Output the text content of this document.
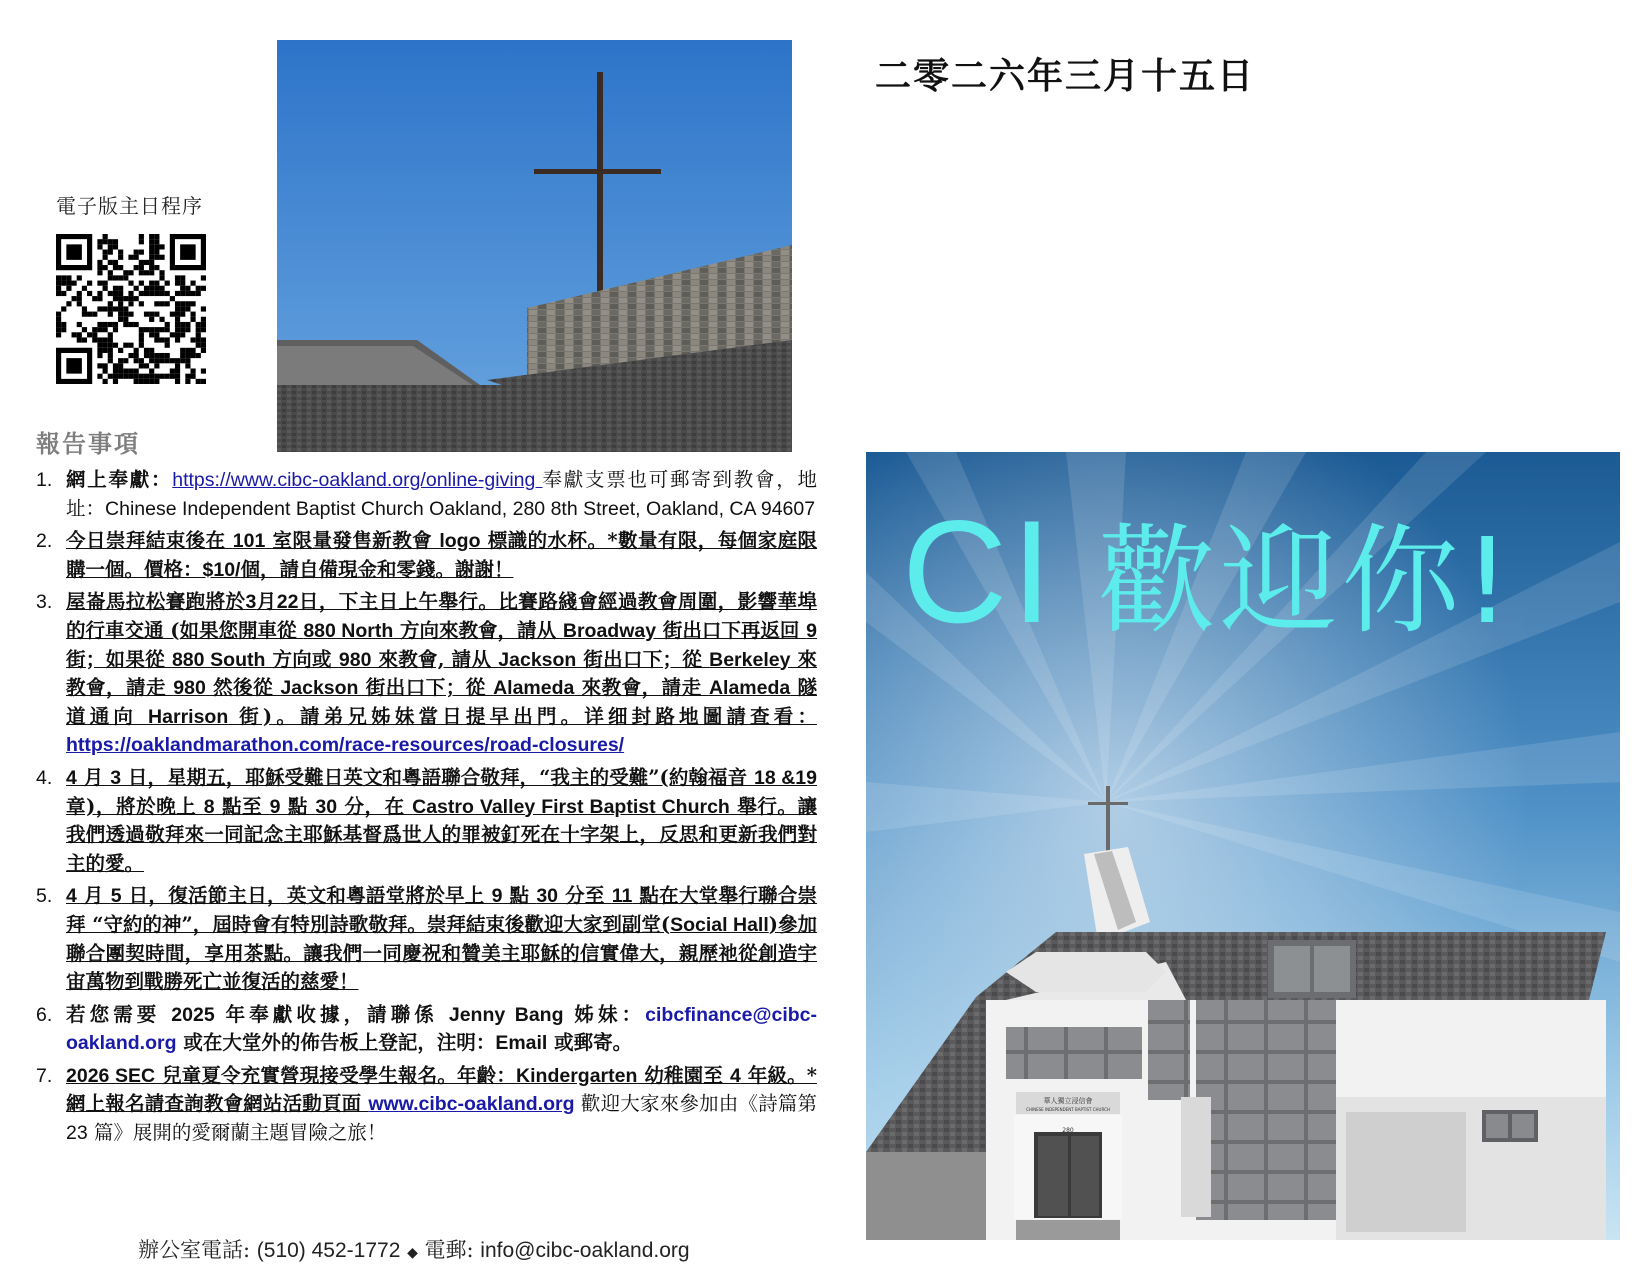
電子版主日程序
二零二六年三月十五日
報告事項
1. 網上奉獻：https://www.cibc-oakland.org/online-giving 奉獻支票也可郵寄到教會，地址：Chinese Independent Baptist Church Oakland, 280 8th Street, Oakland, CA 94607
2. 今日崇拜結束後在 101 室限量發售新教會 logo 標識的水杯。*數量有限，每個家庭限購一個。價格：$10/個，請自備現金和零錢。謝謝！
3. 屋崙馬拉松賽跑將於3月22日，下主日上午舉行。比賽路綫會經過教會周圍，影響華埠的行車交通 (如果您開車從 880 North 方向來教會，請从 Broadway 街出口下再返回 9 街；如果從 880 South 方向或 980 來教會, 請从 Jackson 街出口下；從 Berkeley 來教會，請走 980 然後從 Jackson 街出口下；從 Alameda 來教會，請走 Alameda 隧道通向 Harrison 街)。請弟兄姊妹當日提早出門。详细封路地圖請查看：https://oaklandmarathon.com/race-resources/road-closures/
4. 4 月 3 日，星期五，耶穌受難日英文和粵語聯合敬拜，“我主的受難”(約翰福音 18 &19 章)，將於晚上 8 點至 9 點 30 分，在 Castro Valley First Baptist Church 舉行。讓我們透過敬拜來一同記念主耶穌基督爲世人的罪被釘死在十字架上，反思和更新我們對主的愛。
5. 4 月 5 日，復活節主日，英文和粵語堂將於早上 9 點 30 分至 11 點在大堂舉行聯合崇拜 “守約的神”，屆時會有特別詩歌敬拜。崇拜結束後歡迎大家到副堂(Social Hall)參加聯合團契時間，享用茶點。讓我們一同慶祝和贊美主耶穌的信實偉大，親歷祂從創造宇宙萬物到戰勝死亡並復活的慈愛！
6. 若您需要 2025 年奉獻收據，請聯係 Jenny Bang 姊妹：cibcfinance@cibc-oakland.org 或在大堂外的佈告板上登記，注明：Email 或郵寄。
7. 2026 SEC 兒童夏令充實營現接受學生報名。年齡：Kindergarten 幼稚園至 4 年級。*網上報名請查詢教會網站活動頁面 www.cibc-oakland.org 歡迎大家來參加由《詩篇第 23 篇》展開的愛爾蘭主題冒險之旅！
辦公室電話: (510) 452-1772 ◆ 電郵: info@cibc-oakland.org
華人獨立浸信會
CHINESE INDEPENDENT BAPTIST CHURCH
280
CI 歡迎你!
